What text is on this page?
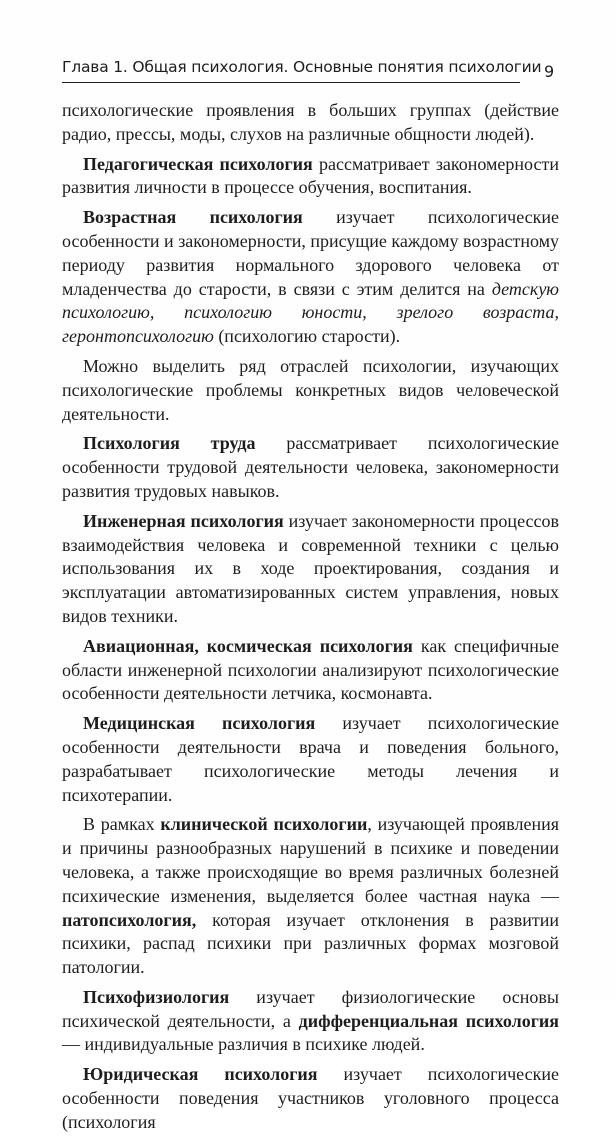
Глава 1. Общая психология. Основные понятия психологии 9

психологические проявления в больших группах (действие радио, прессы, моды, слухов на различные общности людей).

Педагогическая психология рассматривает закономерности развития личности в процессе обучения, воспитания.

Возрастная психология изучает психологические особенности и закономерности, присущие каждому возрастному периоду развития нормального здорового человека от младенчества до старости, в связи с этим делится на детскую психологию, психологию юности, зрелого возраста, геронтопсихологию (психологию старости).

Можно выделить ряд отраслей психологии, изучающих психологические проблемы конкретных видов человеческой деятельности.

Психология труда рассматривает психологические особенности трудовой деятельности человека, закономерности развития трудовых навыков.

Инженерная психология изучает закономерности процессов взаимодействия человека и современной техники с целью использования их в ходе проектирования, создания и эксплуатации автоматизированных систем управления, новых видов техники.

Авиационная, космическая психология как специфичные области инженерной психологии анализируют психологические особенности деятельности летчика, космонавта.

Медицинская психология изучает психологические особенности деятельности врача и поведения больного, разрабатывает психологические методы лечения и психотерапии.

В рамках клинической психологии, изучающей проявления и причины разнообразных нарушений в психике и поведении человека, а также происходящие во время различных болезней психические изменения, выделяется более частная наука — патопсихология, которая изучает отклонения в развитии психики, распад психики при различных формах мозговой патологии.

Психофизиология изучает физиологические основы психической деятельности, а дифференциальная психология — индивидуальные различия в психике людей.

Юридическая психология изучает психологические особенности поведения участников уголовного процесса (психология
